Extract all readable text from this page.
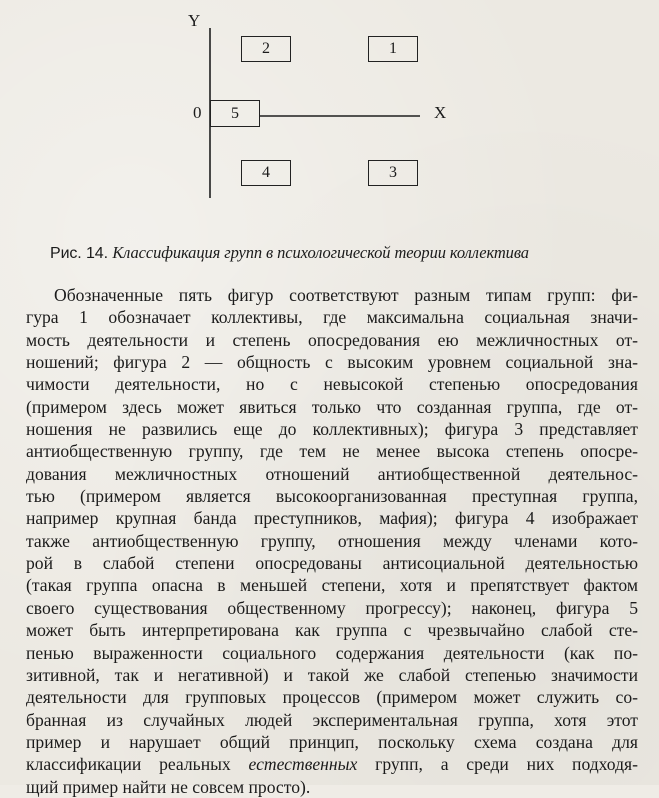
Y
X
0
2	1
5
4	3
Рис. 14. Классификация групп в психологической теории коллектива
Обозначенные пять фигур соответствуют разным типам групп: фи-
гура 1 обозначает коллективы, где максимальна социальная значи-
мость деятельности и степень опосредования ею межличностных от-
ношений; фигура 2 — общность с высоким уровнем социальной зна-
чимости деятельности, но с невысокой степенью опосредования
(примером здесь может явиться только что созданная группа, где от-
ношения не развились еще до коллективных); фигура 3 представляет
антиобщественную группу, где тем не менее высока степень опосре-
дования межличностных отношений антиобщественной деятельнос-
тью (примером является высокоорганизованная преступная группа,
например крупная банда преступников, мафия); фигура 4 изображает
также антиобщественную группу, отношения между членами кото-
рой в слабой степени опосредованы антисоциальной деятельностью
(такая группа опасна в меньшей степени, хотя и препятствует фактом
своего существования общественному прогрессу); наконец, фигура 5
может быть интерпретирована как группа с чрезвычайно слабой сте-
пенью выраженности социального содержания деятельности (как по-
зитивной, так и негативной) и такой же слабой степенью значимости
деятельности для групповых процессов (примером может служить со-
бранная из случайных людей экспериментальная группа, хотя этот
пример и нарушает общий принцип, поскольку схема создана для
классификации реальных естественных групп, а среди них подходя-
щий пример найти не совсем просто).
